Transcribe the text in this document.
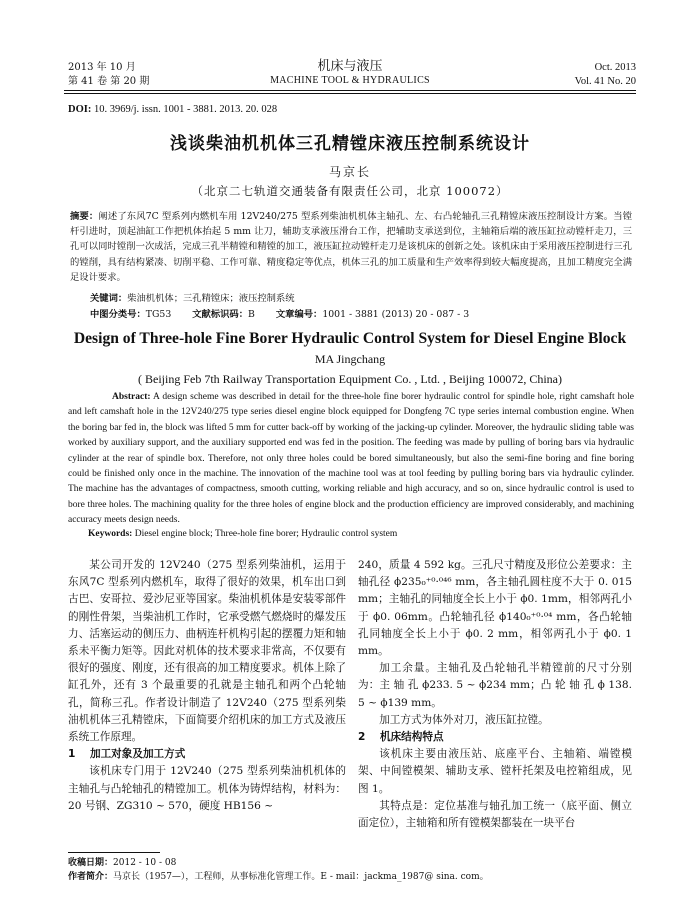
2013 年 10 月
第 41 卷 第 20 期
机床与液压
MACHINE TOOL & HYDRAULICS
Oct. 2013
Vol. 41 No. 20
DOI: 10. 3969/j. issn. 1001 - 3881. 2013. 20. 028
浅谈柴油机机体三孔精镗床液压控制系统设计
马京长
（北京二七轨道交通装备有限责任公司，北京 100072）
摘要：阐述了东风7C 型系列内燃机车用 12V240/275 型系列柴油机机体主轴孔、左、右凸轮轴孔三孔精镗床液压控制设计方案。当镗杆引进时，顶起油缸工作把机体抬起 5 mm 让刀，辅助支承液压滑台工作，把辅助支承送到位，主轴箱后端的液压缸拉动镗杆走刀，三孔可以同时镗削一次成活，完成三孔半精镗和精镗的加工，液压缸拉动镗杆走刀是该机床的创新之处。该机床由于采用液压控制进行三孔的镗削，具有结构紧凑、切削平稳、工作可靠、精度稳定等优点，机体三孔的加工质量和生产效率得到较大幅度提高，且加工精度完全满足设计要求。
关键词：柴油机机体；三孔精镗床；液压控制系统
中图分类号：TG53 文献标识码：B 文章编号：1001 - 3881 (2013) 20 - 087 - 3
Design of Three-hole Fine Borer Hydraulic Control System for Diesel Engine Block
MA Jingchang
( Beijing Feb 7th Railway Transportation Equipment Co. , Ltd. , Beijing 100072, China)
Abstract: A design scheme was described in detail for the three-hole fine borer hydraulic control for spindle hole, right camshaft hole and left camshaft hole in the 12V240/275 type series diesel engine block equipped for Dongfeng 7C type series internal combustion engine. When the boring bar fed in, the block was lifted 5 mm for cutter back-off by working of the jacking-up cylinder. Moreover, the hydraulic sliding table was worked by auxiliary support, and the auxiliary supported end was fed in the position. The feeding was made by pulling of boring bars via hydraulic cylinder at the rear of spindle box. Therefore, not only three holes could be bored simultaneously, but also the semi-fine boring and fine boring could be finished only once in the machine. The innovation of the machine tool was at tool feeding by pulling boring bars via hydraulic cylinder. The machine has the advantages of compactness, smooth cutting, working reliable and high accuracy, and so on, since hydraulic control is used to bore three holes. The machining quality for the three holes of engine block and the production efficiency are improved considerably, and machining accuracy meets design needs.
Keywords: Diesel engine block; Three-hole fine borer; Hydraulic control system

某公司开发的 12V240（275 型系列柴油机，运用于东风7C 型系列内燃机车，取得了很好的效果，机车出口到古巴、安哥拉、爱沙尼亚等国家。柴油机机体是安装零部件的刚性骨架，当柴油机工作时，它承受燃气燃烧时的爆发压力、活塞运动的侧压力、曲柄连杆机构引起的摆覆力矩和轴系未平衡力矩等。因此对机体的技术要求非常高，不仅要有很好的强度、刚度，还有很高的加工精度要求。机体上除了缸孔外，还有 3 个最重要的孔就是主轴孔和两个凸轮轴孔，简称三孔。作者设计制造了 12V240（275 型系列柴油机机体三孔精镗床，下面简要介绍机床的加工方式及液压系统工作原理。

1 加工对象及加工方式

该机床专门用于 12V240（275 型系列柴油机机体的主轴孔与凸轮轴孔的精镗加工。机体为铸焊结构，材料为：20 号钢、ZG310 ~ 570，硬度 HB156 ~

240，质量 4 592 kg。三孔尺寸精度及形位公差要求：主轴孔径 ϕ235₀⁺⁰·⁰⁴⁶ mm，各主轴孔圆柱度不大于 0. 015 mm；主轴孔的同轴度全长上小于 ϕ0. 1mm，相邻两孔小于 ϕ0. 06mm。凸轮轴孔径 ϕ140₀⁺⁰·⁰⁴ mm，各凸轮轴孔同轴度全长上小于 ϕ0. 2 mm，相邻两孔小于 ϕ0. 1 mm。

加工余量。主轴孔及凸轮轴孔半精镗前的尺寸分别为：主 轴 孔 ϕ233. 5 ~ ϕ234 mm；凸 轮 轴 孔 ϕ 138. 5 ~ ϕ139 mm。

加工方式为体外对刀，液压缸拉镗。

2 机床结构特点

该机床主要由液压站、底座平台、主轴箱、端镗模架、中间镗模架、辅助支承、镗杆托架及电控箱组成，见图 1。

其特点是：定位基准与轴孔加工统一（底平面、侧立面定位），主轴箱和所有镗模架都装在一块平台

收稿日期：2012 - 10 - 08
作者简介：马京长（1957—），工程师，从事标准化管理工作。E - mail：jackma_1987@ sina. com。
